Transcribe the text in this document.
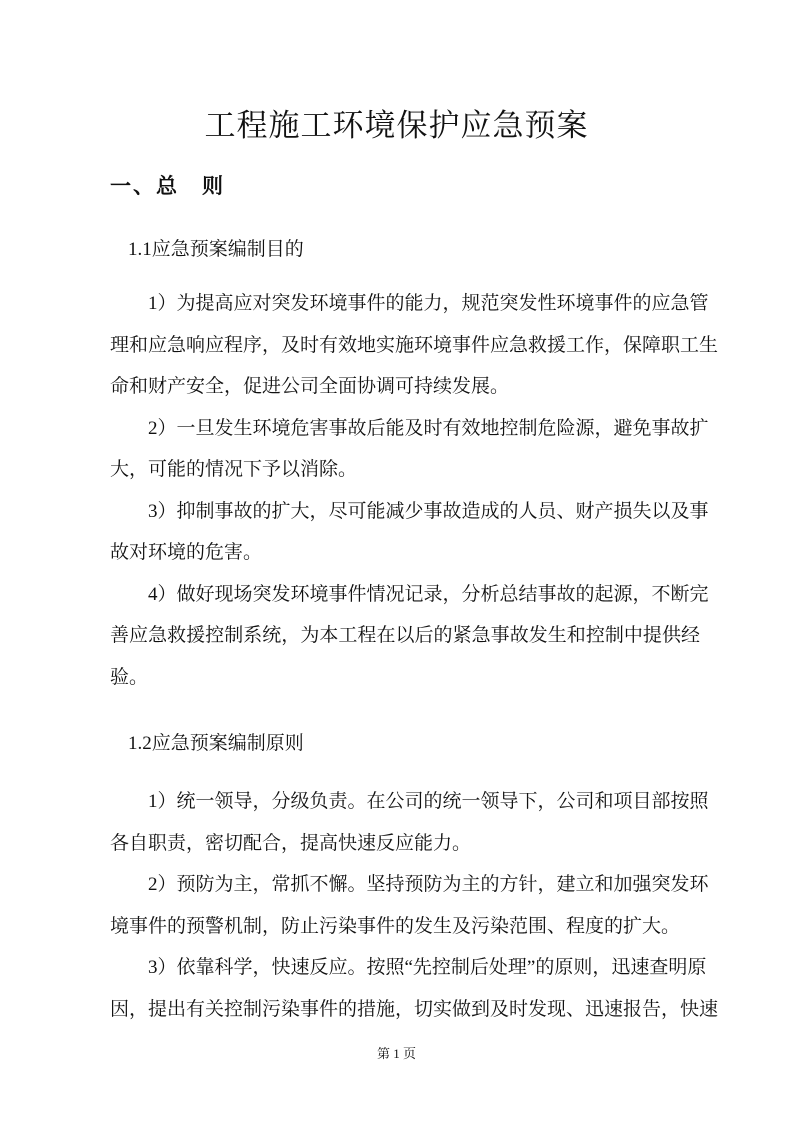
工程施工环境保护应急预案
一、总　则
1.1应急预案编制目的
1）为提高应对突发环境事件的能力，规范突发性环境事件的应急管
理和应急响应程序，及时有效地实施环境事件应急救援工作，保障职工生
命和财产安全，促进公司全面协调可持续发展。
2）一旦发生环境危害事故后能及时有效地控制危险源，避免事故扩
大，可能的情况下予以消除。
3）抑制事故的扩大，尽可能减少事故造成的人员、财产损失以及事
故对环境的危害。
4）做好现场突发环境事件情况记录，分析总结事故的起源，不断完
善应急救援控制系统，为本工程在以后的紧急事故发生和控制中提供经
验。
1.2应急预案编制原则
1）统一领导，分级负责。在公司的统一领导下，公司和项目部按照
各自职责，密切配合，提高快速反应能力。
2）预防为主，常抓不懈。坚持预防为主的方针，建立和加强突发环
境事件的预警机制，防止污染事件的发生及污染范围、程度的扩大。
3）依靠科学，快速反应。按照“先控制后处理”的原则，迅速查明原
因，提出有关控制污染事件的措施，切实做到及时发现、迅速报告，快速
第 1 页
